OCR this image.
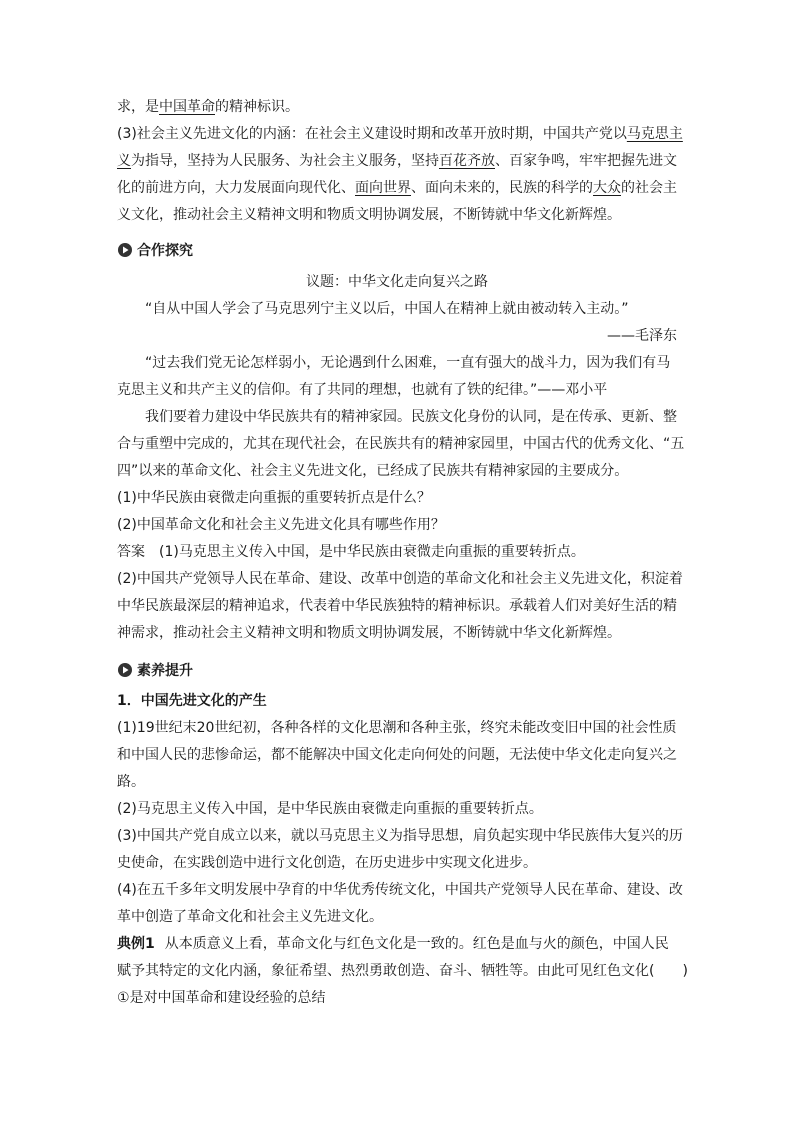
求，是中国革命的精神标识。
(3)社会主义先进文化的内涵：在社会主义建设时期和改革开放时期，中国共产党以马克思主
义为指导，坚持为人民服务、为社会主义服务，坚持百花齐放、百家争鸣，牢牢把握先进文
化的前进方向，大力发展面向现代化、面向世界、面向未来的，民族的科学的大众的社会主
义文化，推动社会主义精神文明和物质文明协调发展，不断铸就中华文化新辉煌。
合作探究
议题：中华文化走向复兴之路
“自从中国人学会了马克思列宁主义以后，中国人在精神上就由被动转入主动。”
——毛泽东
“过去我们党无论怎样弱小，无论遇到什么困难，一直有强大的战斗力，因为我们有马
克思主义和共产主义的信仰。有了共同的理想，也就有了铁的纪律。”——邓小平
我们要着力建设中华民族共有的精神家园。民族文化身份的认同，是在传承、更新、整
合与重塑中完成的，尤其在现代社会，在民族共有的精神家园里，中国古代的优秀文化、“五
四”以来的革命文化、社会主义先进文化，已经成了民族共有精神家园的主要成分。
(1)中华民族由衰微走向重振的重要转折点是什么？
(2)中国革命文化和社会主义先进文化具有哪些作用？
答案 (1)马克思主义传入中国，是中华民族由衰微走向重振的重要转折点。
(2)中国共产党领导人民在革命、建设、改革中创造的革命文化和社会主义先进文化，积淀着
中华民族最深层的精神追求，代表着中华民族独特的精神标识。承载着人们对美好生活的精
神需求，推动社会主义精神文明和物质文明协调发展，不断铸就中华文化新辉煌。
素养提升
1．中国先进文化的产生
(1)19世纪末20世纪初，各种各样的文化思潮和各种主张，终究未能改变旧中国的社会性质
和中国人民的悲惨命运，都不能解决中国文化走向何处的问题，无法使中华文化走向复兴之
路。
(2)马克思主义传入中国，是中华民族由衰微走向重振的重要转折点。
(3)中国共产党自成立以来，就以马克思主义为指导思想，肩负起实现中华民族伟大复兴的历
史使命，在实践创造中进行文化创造，在历史进步中实现文化进步。
(4)在五千多年文明发展中孕育的中华优秀传统文化，中国共产党领导人民在革命、建设、改
革中创造了革命文化和社会主义先进文化。
典例1 从本质意义上看，革命文化与红色文化是一致的。红色是血与火的颜色，中国人民
赋予其特定的文化内涵，象征希望、热烈勇敢创造、奋斗、牺牲等。由此可见红色文化(　　)
①是对中国革命和建设经验的总结
